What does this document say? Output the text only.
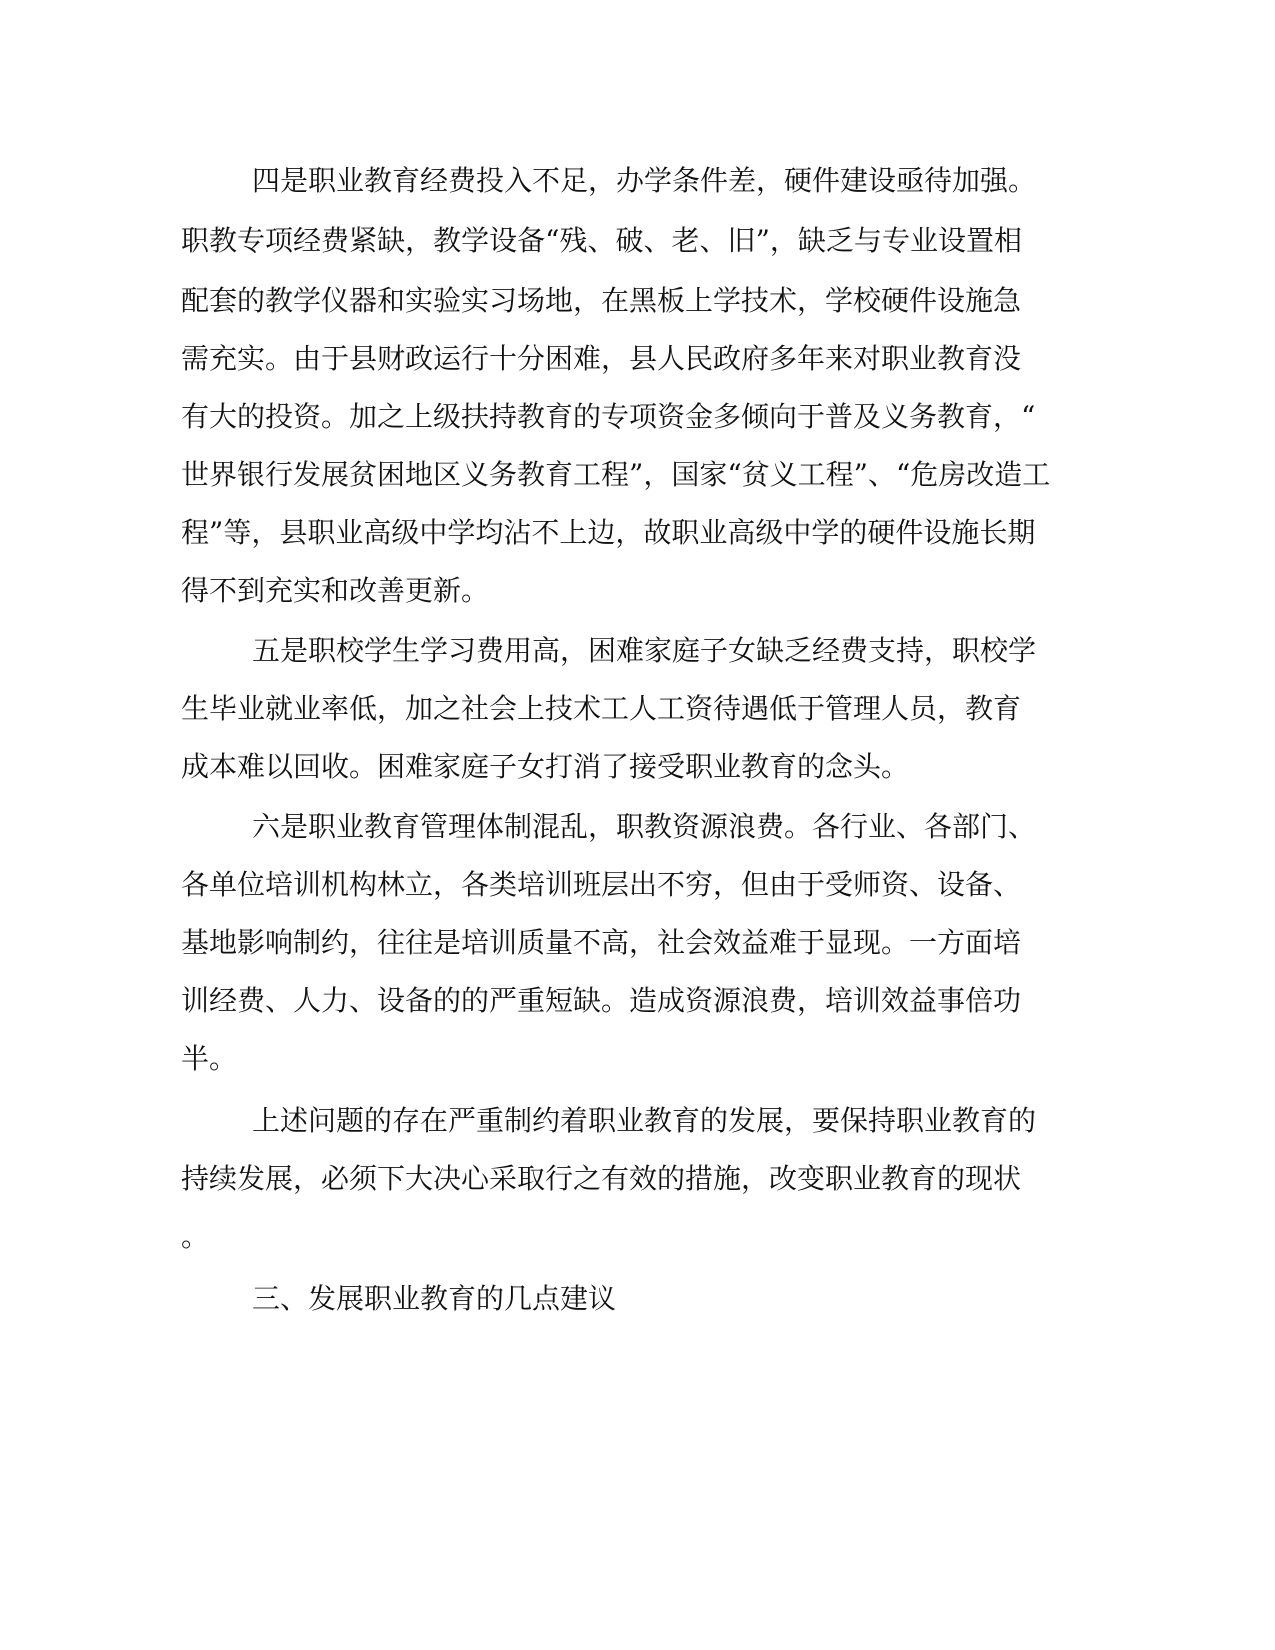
四是职业教育经费投入不足，办学条件差，硬件建设亟待加强。
职教专项经费紧缺，教学设备“残、破、老、旧”，缺乏与专业设置相
配套的教学仪器和实验实习场地，在黑板上学技术，学校硬件设施急
需充实。由于县财政运行十分困难，县人民政府多年来对职业教育没
有大的投资。加之上级扶持教育的专项资金多倾向于普及义务教育，“
世界银行发展贫困地区义务教育工程”，国家“贫义工程”、“危房改造工
程”等，县职业高级中学均沾不上边，故职业高级中学的硬件设施长期
得不到充实和改善更新。
五是职校学生学习费用高，困难家庭子女缺乏经费支持，职校学
生毕业就业率低，加之社会上技术工人工资待遇低于管理人员，教育
成本难以回收。困难家庭子女打消了接受职业教育的念头。
六是职业教育管理体制混乱，职教资源浪费。各行业、各部门、
各单位培训机构林立，各类培训班层出不穷，但由于受师资、设备、
基地影响制约，往往是培训质量不高，社会效益难于显现。一方面培
训经费、人力、设备的的严重短缺。造成资源浪费，培训效益事倍功
半。
上述问题的存在严重制约着职业教育的发展，要保持职业教育的
持续发展，必须下大决心采取行之有效的措施，改变职业教育的现状
。
三、发展职业教育的几点建议
